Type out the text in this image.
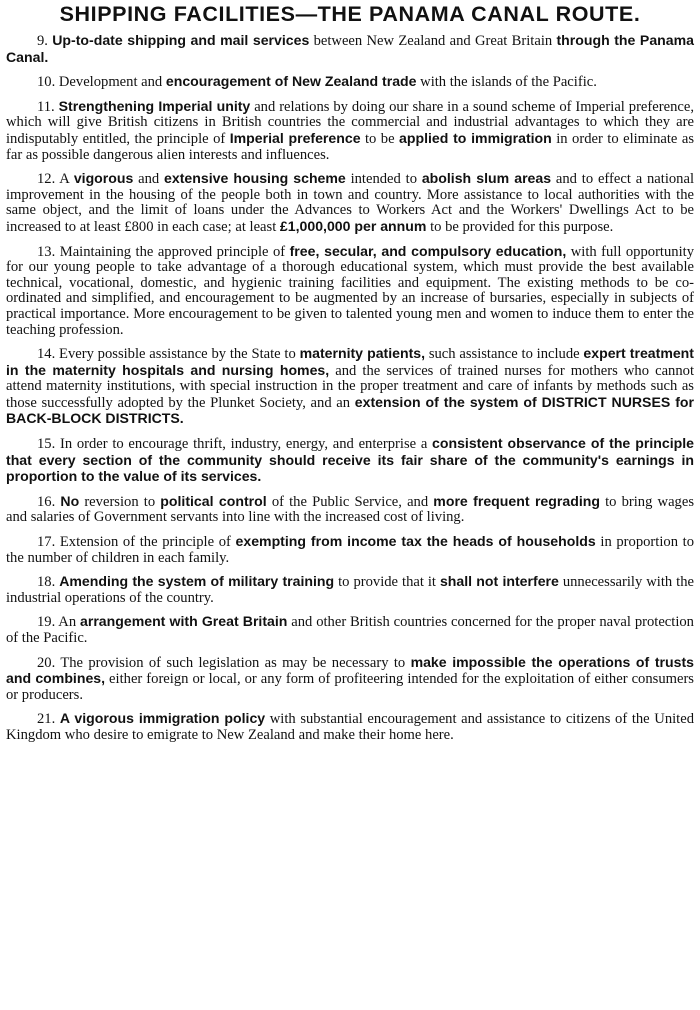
SHIPPING FACILITIES—THE PANAMA CANAL ROUTE.

9. Up-to-date shipping and mail services between New Zealand and Great Britain through the Panama Canal.

10. Development and encouragement of New Zealand trade with the islands of the Pacific.

11. Strengthening Imperial unity and relations by doing our share in a sound scheme of Imperial preference, which will give British citizens in British countries the commercial and industrial advantages to which they are indisputably entitled, the principle of Imperial preference to be applied to immigration in order to eliminate as far as possible dangerous alien interests and influences.

12. A vigorous and extensive housing scheme intended to abolish slum areas and to effect a national improvement in the housing of the people both in town and country. More assistance to local authorities with the same object, and the limit of loans under the Advances to Workers Act and the Workers' Dwellings Act to be increased to at least £800 in each case; at least £1,000,000 per annum to be provided for this purpose.

13. Maintaining the approved principle of free, secular, and compulsory education, with full opportunity for our young people to take advantage of a thorough educational system, which must provide the best available technical, vocational, domestic, and hygienic training facilities and equipment. The existing methods to be co-ordinated and simplified, and encouragement to be augmented by an increase of bursaries, especially in subjects of practical importance. More encouragement to be given to talented young men and women to induce them to enter the teaching profession.

14. Every possible assistance by the State to maternity patients, such assistance to include expert treatment in the maternity hospitals and nursing homes, and the services of trained nurses for mothers who cannot attend maternity institutions, with special instruction in the proper treatment and care of infants by methods such as those successfully adopted by the Plunket Society, and an extension of the system of DISTRICT NURSES for BACK-BLOCK DISTRICTS.

15. In order to encourage thrift, industry, energy, and enterprise a consistent observance of the principle that every section of the community should receive its fair share of the community's earnings in proportion to the value of its services.

16. No reversion to political control of the Public Service, and more frequent regrading to bring wages and salaries of Government servants into line with the increased cost of living.

17. Extension of the principle of exempting from income tax the heads of households in proportion to the number of children in each family.

18. Amending the system of military training to provide that it shall not interfere unnecessarily with the industrial operations of the country.

19. An arrangement with Great Britain and other British countries concerned for the proper naval protection of the Pacific.

20. The provision of such legislation as may be necessary to make impossible the operations of trusts and combines, either foreign or local, or any form of profiteering intended for the exploitation of either consumers or producers.

21. A vigorous immigration policy with substantial encouragement and assistance to citizens of the United Kingdom who desire to emigrate to New Zealand and make their home here.
